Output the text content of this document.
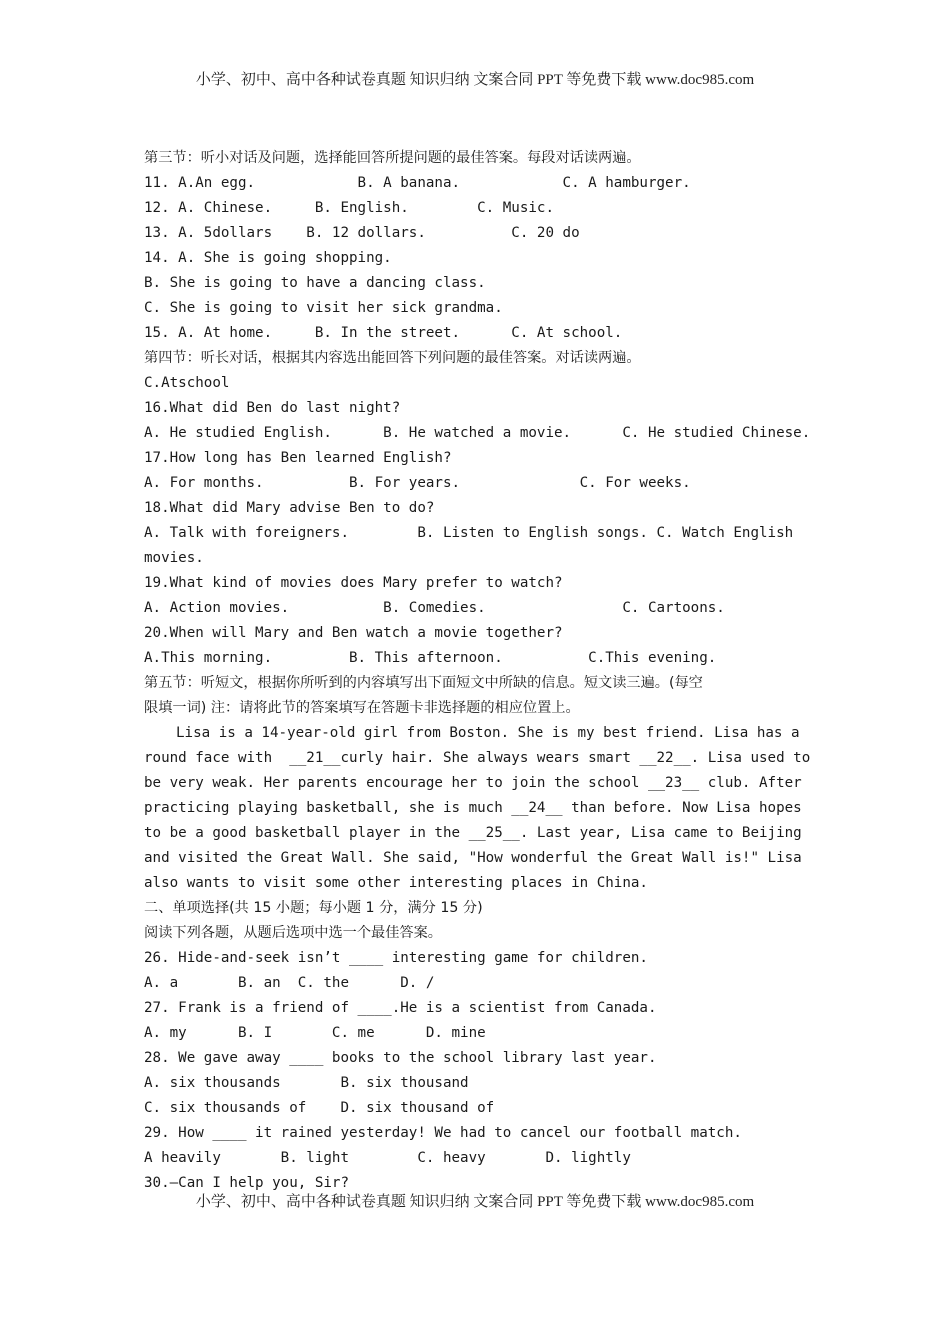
小学、初中、高中各种试卷真题 知识归纳 文案合同 PPT 等免费下载 www.doc985.com
第三节：听小对话及问题，选择能回答所提问题的最佳答案。每段对话读两遍。
11. A.An egg.            B. A banana.            C. A hamburger.
12. A. Chinese.     B. English.        C. Music.
13. A. 5dollars    B. 12 dollars.          C. 20 do
14. A. She is going shopping.
B. She is going to have a dancing class.
C. She is going to visit her sick grandma.
15. A. At home.     B. In the street.      C. At school.
第四节：听长对话，根据其内容选出能回答下列问题的最佳答案。对话读两遍。
C.Atschool
16.What did Ben do last night?
A. He studied English.      B. He watched a movie.      C. He studied Chinese.
17.How long has Ben learned English?
A. For months.          B. For years.              C. For weeks.
18.What did Mary advise Ben to do?
A. Talk with foreigners.        B. Listen to English songs. C. Watch English
movies.
19.What kind of movies does Mary prefer to watch?
A. Action movies.           B. Comedies.                C. Cartoons.
20.When will Mary and Ben watch a movie together?
A.This morning.         B. This afternoon.          C.This evening.
第五节：听短文，根据你所听到的内容填写出下面短文中所缺的信息。短文读三遍。(每空
限填一词) 注：请将此节的答案填写在答题卡非选择题的相应位置上。
Lisa is a 14-year-old girl from Boston. She is my best friend. Lisa has a
round face with  __21__curly hair. She always wears smart __22__. Lisa used to
be very weak. Her parents encourage her to join the school __23__ club. After
practicing playing basketball, she is much __24__ than before. Now Lisa hopes
to be a good basketball player in the __25__. Last year, Lisa came to Beijing
and visited the Great Wall. She said, "How wonderful the Great Wall is!" Lisa
also wants to visit some other interesting places in China.
二、单项选择(共 15 小题；每小题 1 分，满分 15 分)
阅读下列各题，从题后选项中选一个最佳答案。
26. Hide-and-seek isn’t ____ interesting game for children.
A. a       B. an  C. the      D. /
27. Frank is a friend of ____.He is a scientist from Canada.
A. my      B. I       C. me      D. mine
28. We gave away ____ books to the school library last year.
A. six thousands       B. six thousand
C. six thousands of    D. six thousand of
29. How ____ it rained yesterday! We had to cancel our football match.
A heavily       B. light        C. heavy       D. lightly
30.—Can I help you, Sir?
小学、初中、高中各种试卷真题 知识归纳 文案合同 PPT 等免费下载 www.doc985.com
